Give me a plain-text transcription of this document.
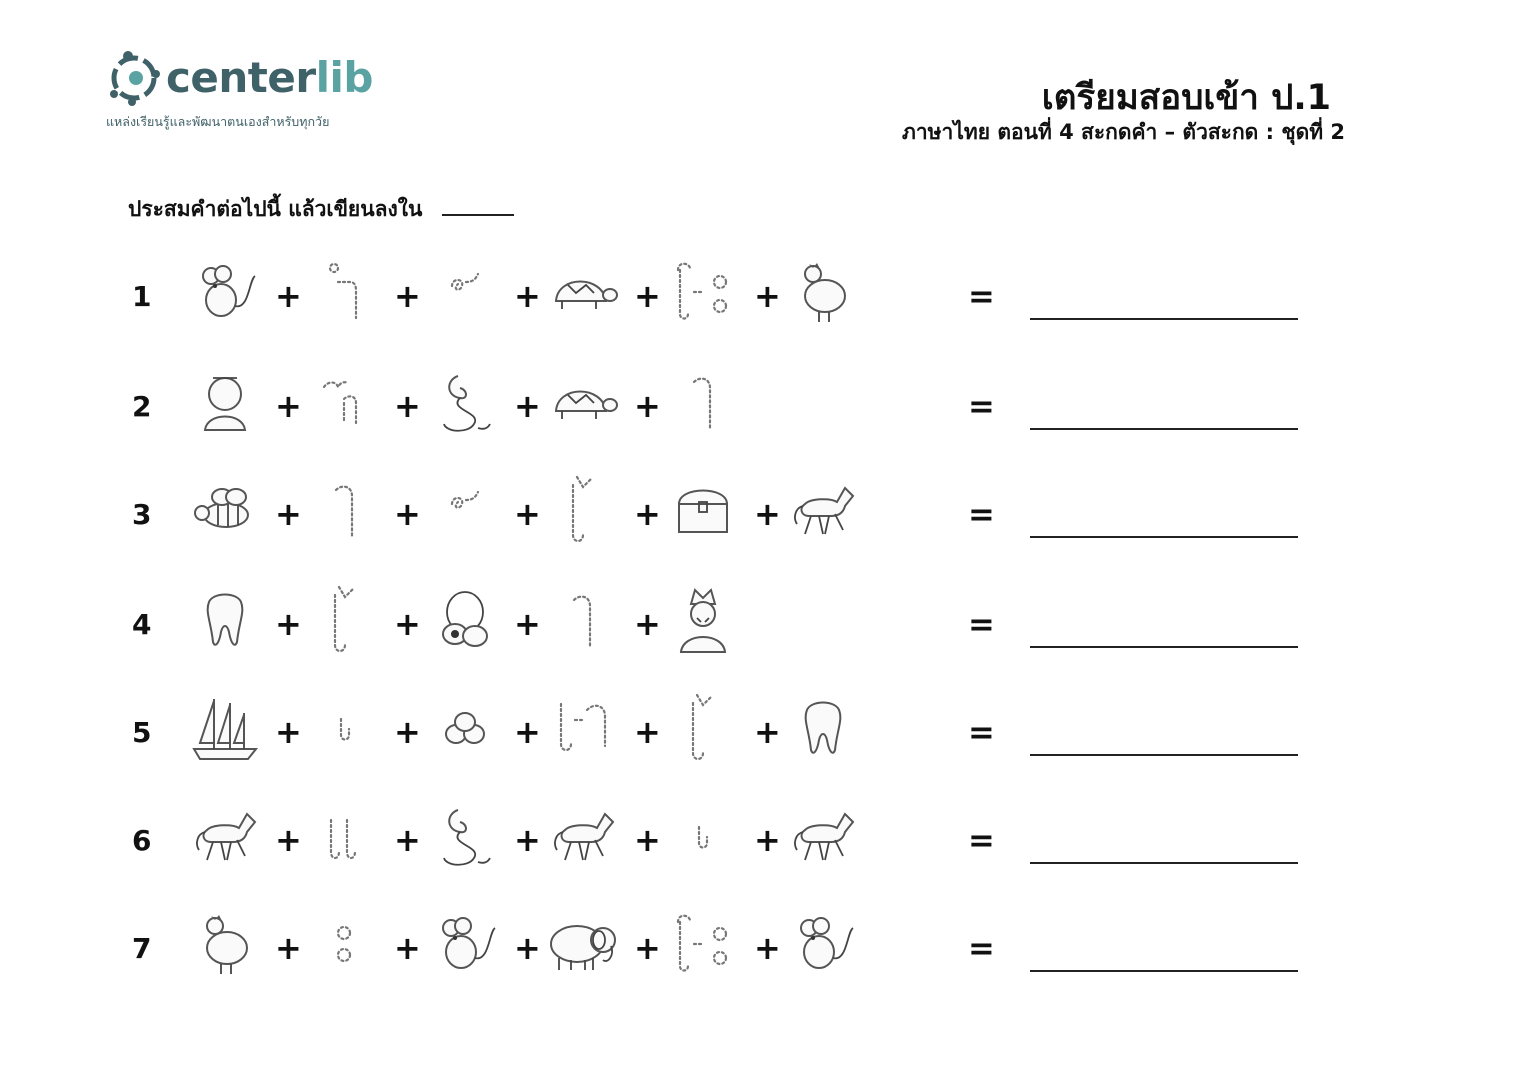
centerlib
แหล่งเรียนรู้และพัฒนาตนเองสำหรับทุกวัย
เตรียมสอบเข้า ป.1
ภาษาไทย ตอนที่ 4 สะกดคำ – ตัวสะกด : ชุดที่ 2
ประสมคำต่อไปนี้ แล้วเขียนลงใน
1	+	+	+	+	+	=
2	+	+	+	+	=
3	+	+	+	+	+	=
4	+	+	+	+	=
5	+	+	+	+	+	=
6	+	+	+	+	+	=
7	+	+	+	+	+	=
